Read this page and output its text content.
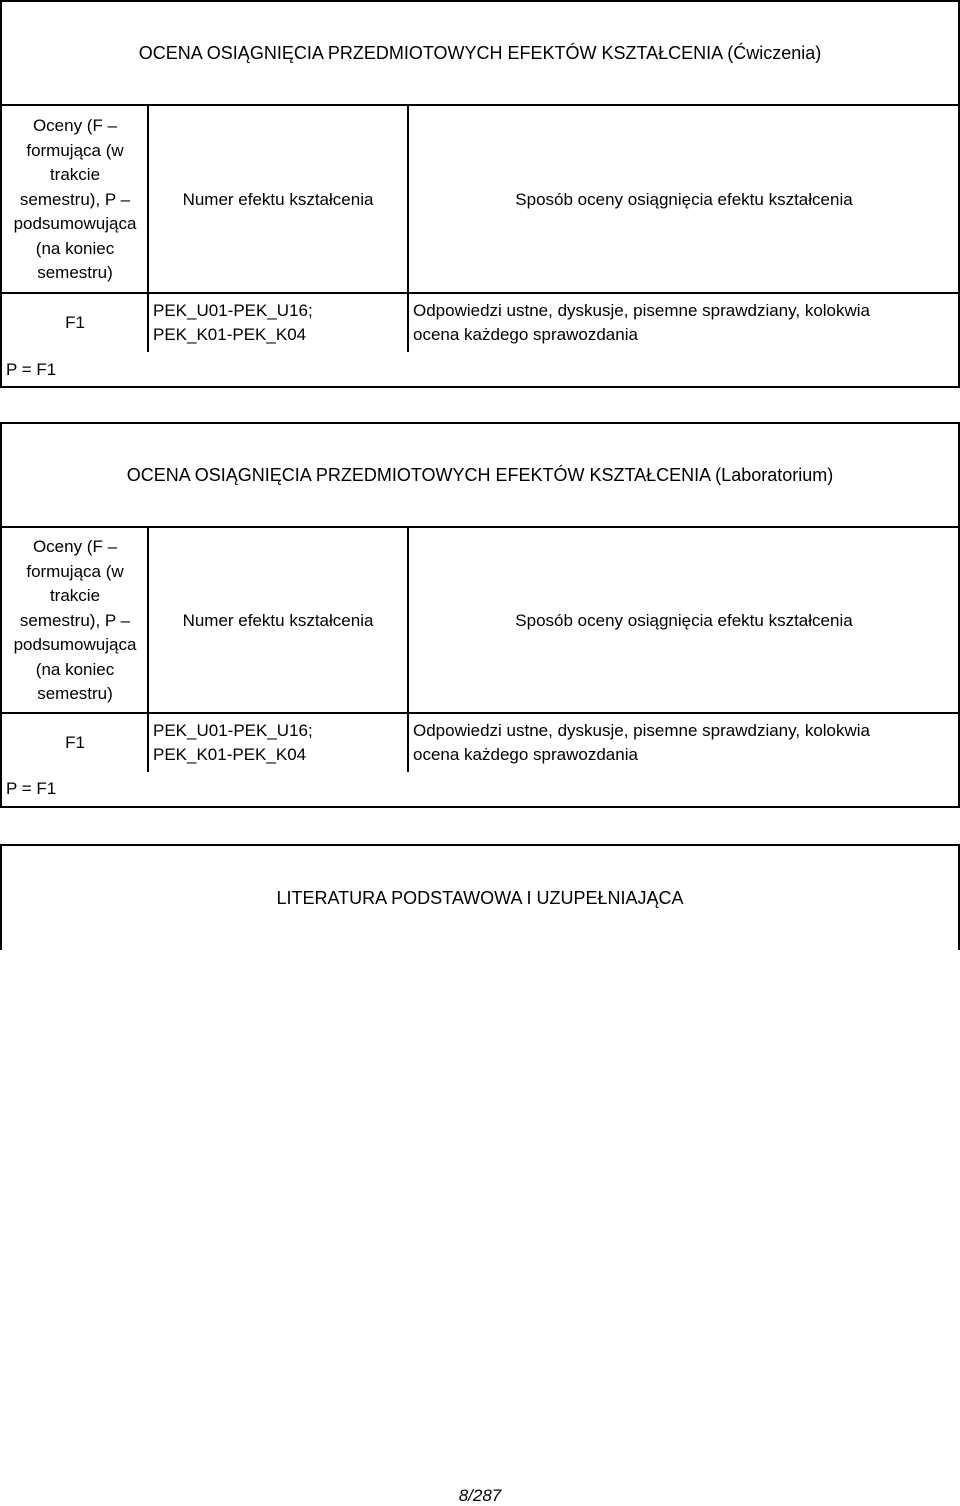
OCENA OSIĄGNIĘCIA PRZEDMIOTOWYCH EFEKTÓW KSZTAŁCENIA (Ćwiczenia)
Oceny (F –
formująca (w
trakcie
semestru), P –
podsumowująca
(na koniec
semestru)
Numer efektu kształcenia	Sposób oceny osiągnięcia efektu kształcenia
F1
PEK_U01-PEK_U16;
PEK_K01-PEK_K04
Odpowiedzi ustne, dyskusje, pisemne sprawdziany, kolokwia
ocena każdego sprawozdania
P = F1
OCENA OSIĄGNIĘCIA PRZEDMIOTOWYCH EFEKTÓW KSZTAŁCENIA (Laboratorium)
Oceny (F –
formująca (w
trakcie
semestru), P –
podsumowująca
(na koniec
semestru)
Numer efektu kształcenia	Sposób oceny osiągnięcia efektu kształcenia
F1
PEK_U01-PEK_U16;
PEK_K01-PEK_K04
Odpowiedzi ustne, dyskusje, pisemne sprawdziany, kolokwia
ocena każdego sprawozdania
P = F1
LITERATURA PODSTAWOWA I UZUPEŁNIAJĄCA
8/287
